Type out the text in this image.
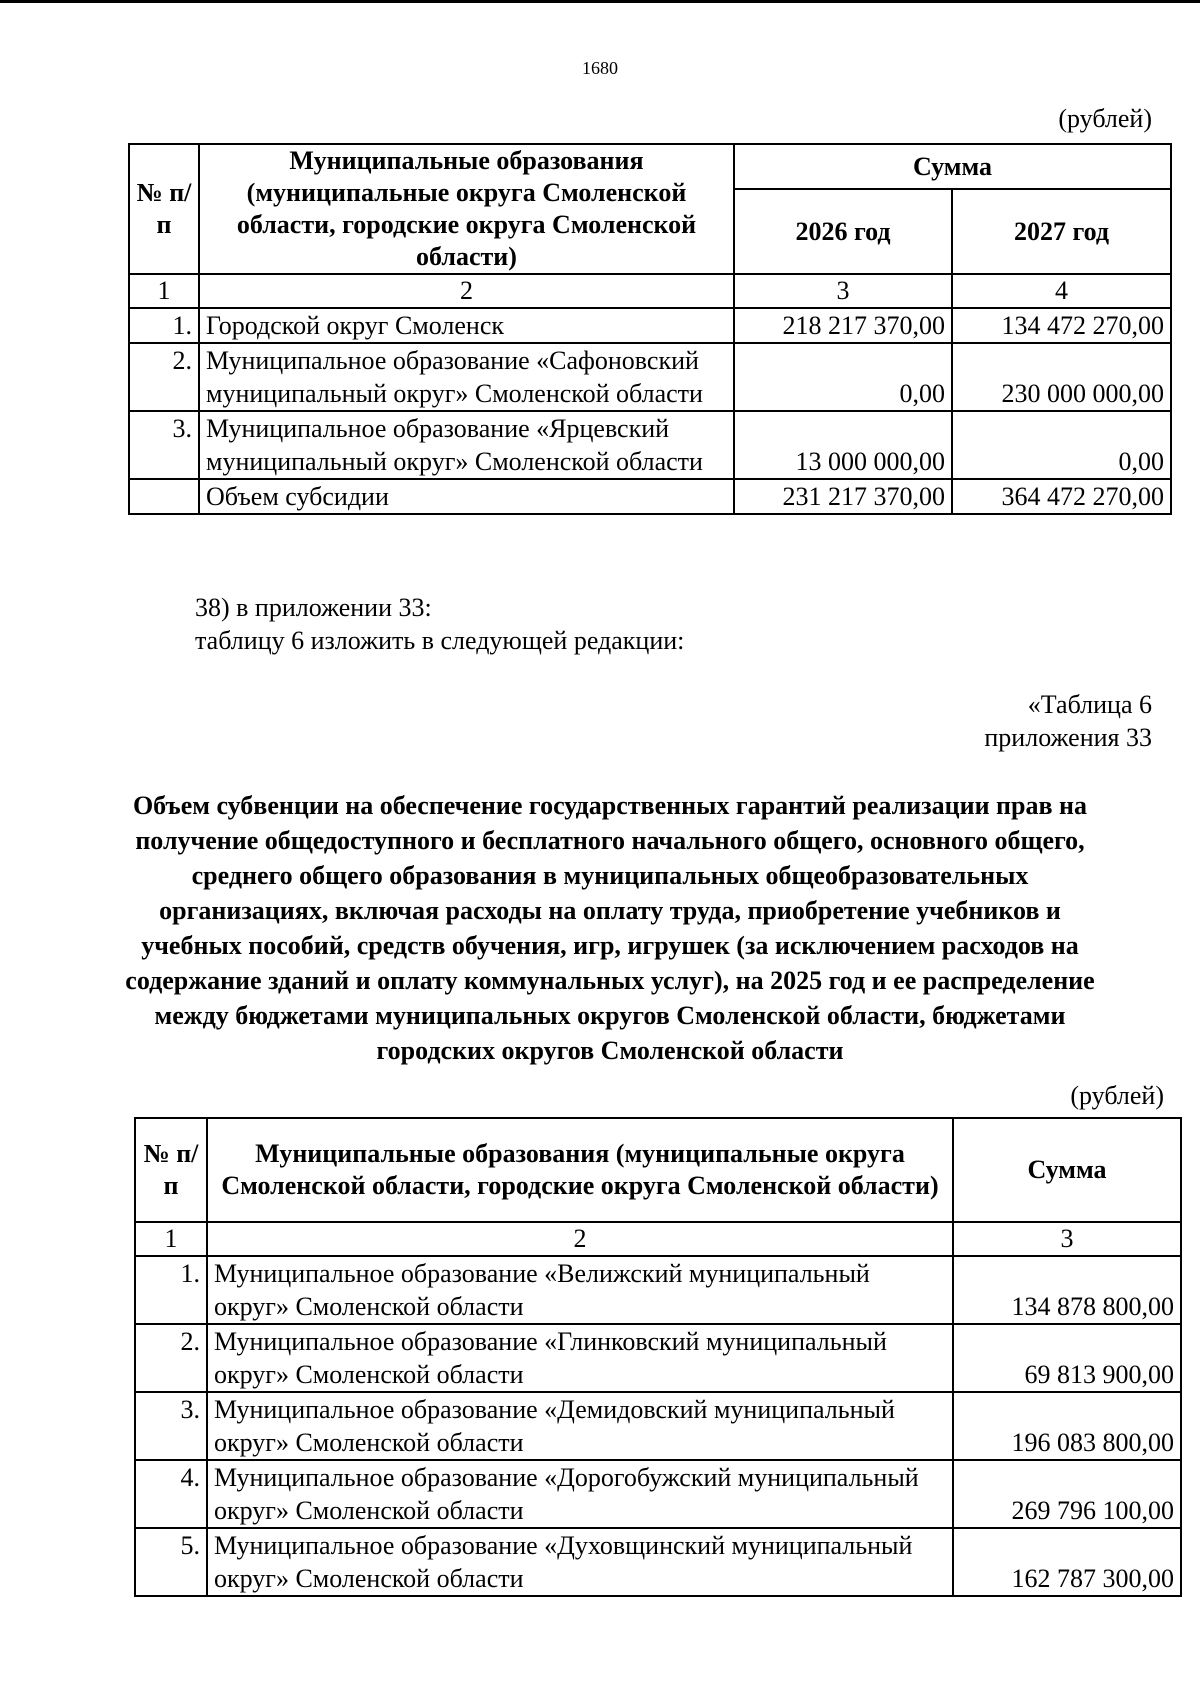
1680
(рублей)
№ п/п	Муниципальные образования (муниципальные округа Смоленской области, городские округа Смоленской области)	Сумма	
		2026 год	2027 год
1	2	3	4
1.	Городской округ Смоленск	218 217 370,00	134 472 270,00
2.	Муниципальное образование «Сафоновский муниципальный округ» Смоленской области	0,00	230 000 000,00
3.	Муниципальное образование «Ярцевский муниципальный округ» Смоленской области	13 000 000,00	0,00
	Объем субсидии	231 217 370,00	364 472 270,00
38) в приложении 33:
таблицу 6 изложить в следующей редакции:
«Таблица 6
приложения 33
Объем субвенции на обеспечение государственных гарантий реализации прав на получение общедоступного и бесплатного начального общего, основного общего, среднего общего образования в муниципальных общеобразовательных организациях, включая расходы на оплату труда, приобретение учебников и учебных пособий, средств обучения, игр, игрушек (за исключением расходов на содержание зданий и оплату коммунальных услуг), на 2025 год и ее распределение между бюджетами муниципальных округов Смоленской области, бюджетами городских округов Смоленской области
(рублей)
№ п/п	Муниципальные образования (муниципальные округа Смоленской области, городские округа Смоленской области)	Сумма
1	2	3
1.	Муниципальное образование «Велижский муниципальный округ» Смоленской области	134 878 800,00
2.	Муниципальное образование «Глинковский муниципальный округ» Смоленской области	69 813 900,00
3.	Муниципальное образование «Демидовский муниципальный округ» Смоленской области	196 083 800,00
4.	Муниципальное образование «Дорогобужский муниципальный округ» Смоленской области	269 796 100,00
5.	Муниципальное образование «Духовщинский муниципальный округ» Смоленской области	162 787 300,00
